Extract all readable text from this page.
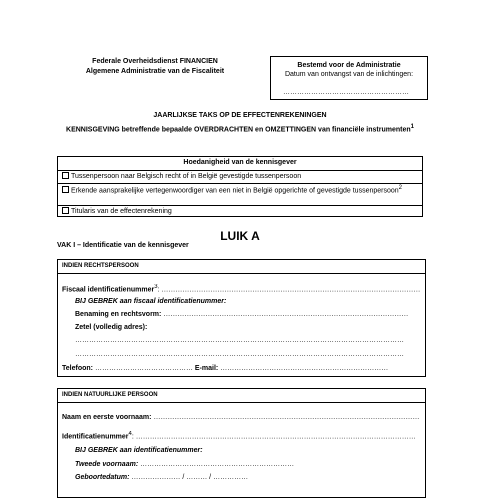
Federale Overheidsdienst FINANCIEN
Algemene Administratie van de Fiscaliteit
Bestemd voor de Administratie
Datum van ontvangst van de inlichtingen:
………………………………………………
JAARLIJKSE TAKS OP DE EFFECTENREKENINGEN
KENNISGEVING betreffende bepaalde OVERDRACHTEN en OMZETTINGEN van financiële instrumenten$^1$
Hoedanigheid van de kennisgever
Tussenpersoon naar Belgisch recht of in België gevestigde tussenpersoon
Erkende aansprakelijke vertegenwoordiger van een niet in België opgerichte of gevestigde tussenpersoon$^2$
Titularis van de effectenrekening
LUIK A
VAK I – Identificatie van de kennisgever
INDIEN RECHTSPERSOON
Fiscaal identificatienummer$^3$: …………………………………………………………………………………………………
BIJ GEBREK aan fiscaal identificatienummer:
Benaming en rechtsvorm: ……………………………………………………………………………………………
Zetel (volledig adres):
……………………………………………………………………………………………………………………………
……………………………………………………………………………………………………………………………
Telefoon: …………………………………… E-mail: ………………………………………………………………
INDIEN NATUURLIJKE PERSOON
Naam en eerste voornaam: ……………………………………………………………………………………………………
Identificatienummer$^4$: …………………………………………………………………………………………………………
BIJ GEBREK aan identificatienummer:
Tweede voornaam: …………………………………………………………
Geboortedatum: ………………… / ……… / ……………
